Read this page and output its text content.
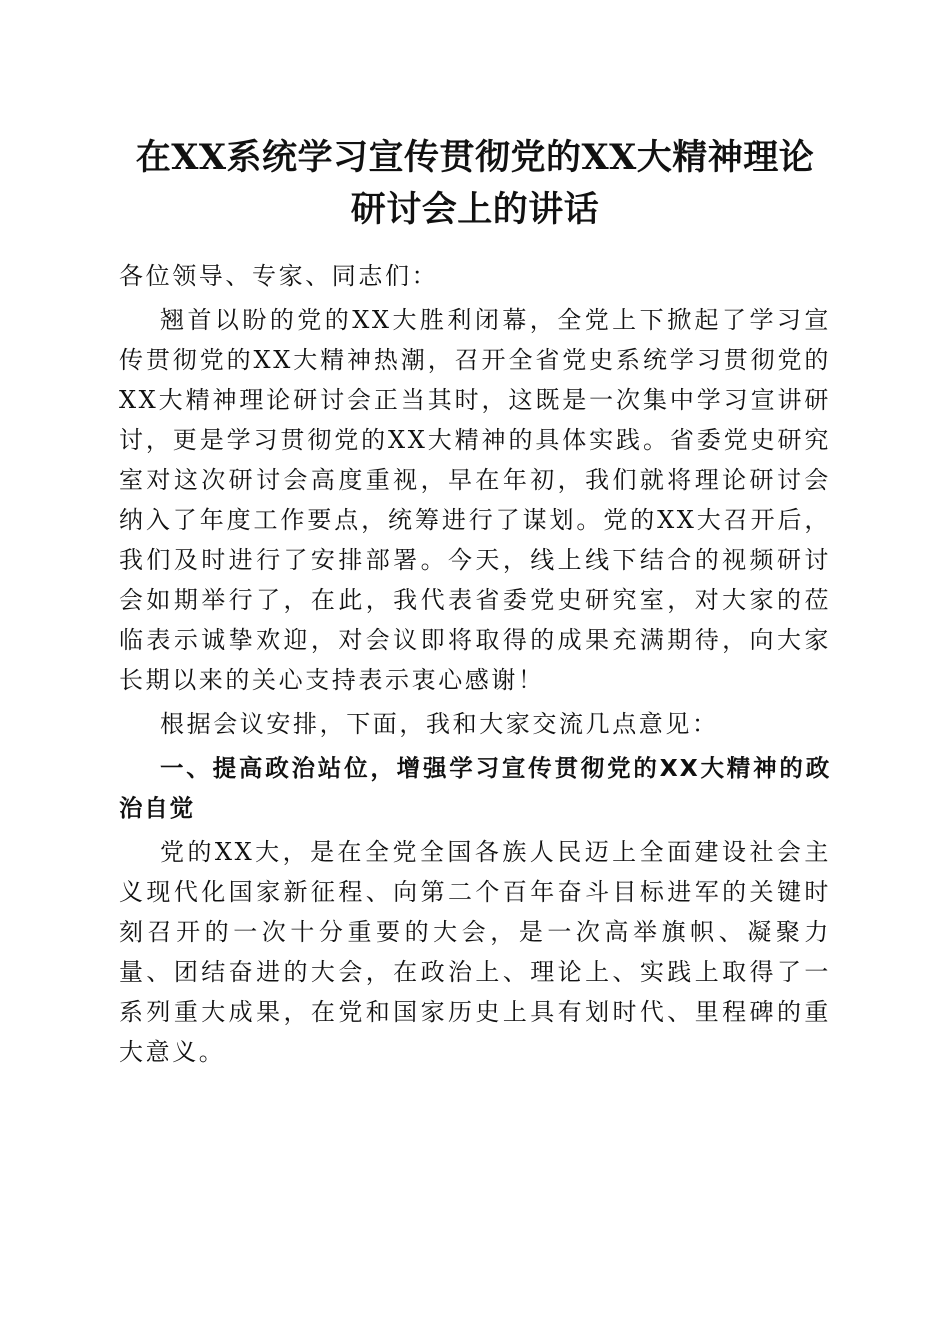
在XX系统学习宣传贯彻党的XX大精神理论
研讨会上的讲话

各位领导、专家、同志们：

翘首以盼的党的XX大胜利闭幕，全党上下掀起了学习宣传贯彻党的XX大精神热潮，召开全省党史系统学习贯彻党的XX大精神理论研讨会正当其时，这既是一次集中学习宣讲研讨，更是学习贯彻党的XX大精神的具体实践。省委党史研究室对这次研讨会高度重视，早在年初，我们就将理论研讨会纳入了年度工作要点，统筹进行了谋划。党的XX大召开后，我们及时进行了安排部署。今天，线上线下结合的视频研讨会如期举行了，在此，我代表省委党史研究室，对大家的莅临表示诚挚欢迎，对会议即将取得的成果充满期待，向大家长期以来的关心支持表示衷心感谢！

根据会议安排，下面，我和大家交流几点意见：

一、提高政治站位，增强学习宣传贯彻党的XX大精神的政治自觉

党的XX大，是在全党全国各族人民迈上全面建设社会主义现代化国家新征程、向第二个百年奋斗目标进军的关键时刻召开的一次十分重要的大会，是一次高举旗帜、凝聚力量、团结奋进的大会，在政治上、理论上、实践上取得了一系列重大成果，在党和国家历史上具有划时代、里程碑的重大意义。
